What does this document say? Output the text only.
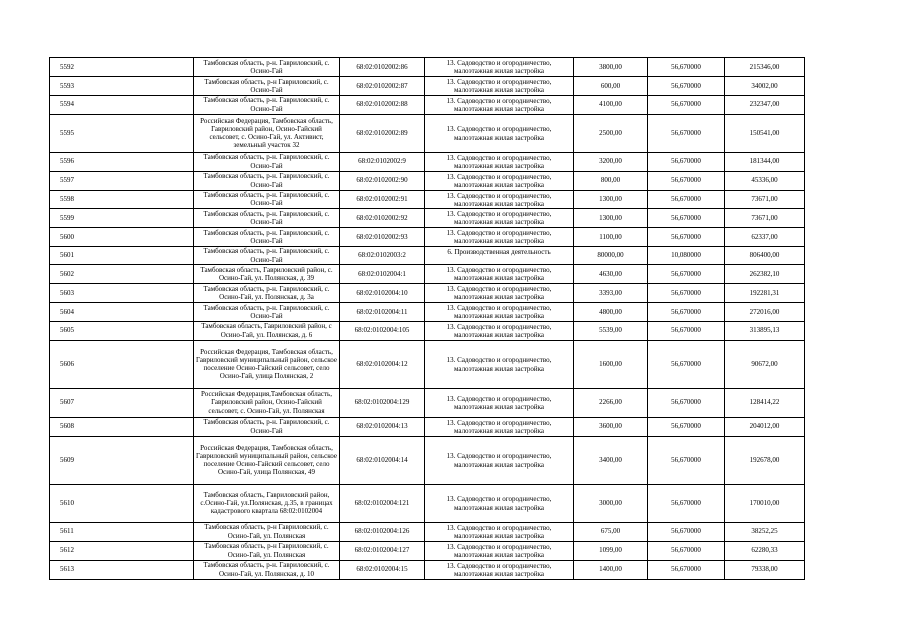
5592	Тамбовская область, р-н. Гавриловский, с. Осино-Гай	68:02:0102002:86	13. Садоводство и огородничество, малоэтажная жилая застройка	3800,00	56,670000	215346,00
5593	Тамбовская область, р-н Гавриловский, с. Осино-Гай	68:02:0102002:87	13. Садоводство и огородничество, малоэтажная жилая застройка	600,00	56,670000	34002,00
5594	Тамбовская область, р-н. Гавриловский, с. Осино-Гай	68:02:0102002:88	13. Садоводство и огородничество, малоэтажная жилая застройка	4100,00	56,670000	232347,00
5595	Российская Федерация, Тамбовская область, Гавриловский район, Осино-Гайский сельсовет, с. Осино-Гай, ул. Активист, земельный участок 32	68:02:0102002:89	13. Садоводство и огородничество, малоэтажная жилая застройка	2500,00	56,670000	150541,00
5596	Тамбовская область, р-н. Гавриловский, с. Осино-Гай	68:02:0102002:9	13. Садоводство и огородничество, малоэтажная жилая застройка	3200,00	56,670000	181344,00
5597	Тамбовская область, р-н. Гавриловский, с. Осино-Гай	68:02:0102002:90	13. Садоводство и огородничество, малоэтажная жилая застройка	800,00	56,670000	45336,00
5598	Тамбовская область, р-н. Гавриловский, с. Осино-Гай	68:02:0102002:91	13. Садоводство и огородничество, малоэтажная жилая застройка	1300,00	56,670000	73671,00
5599	Тамбовская область, р-н. Гавриловский, с. Осино-Гай	68:02:0102002:92	13. Садоводство и огородничество, малоэтажная жилая застройка	1300,00	56,670000	73671,00
5600	Тамбовская область, р-н. Гавриловский, с. Осино-Гай	68:02:0102002:93	13. Садоводство и огородничество, малоэтажная жилая застройка	1100,00	56,670000	62337,00
5601	Тамбовская область, р-н. Гавриловский, с. Осино-Гай	68:02:0102003:2	6. Производственная деятельность	80000,00	10,080000	806400,00
5602	Тамбовская область, Гавриловский район, с. Осино-Гай, ул. Полянская, д. 39	68:02:0102004:1	13. Садоводство и огородничество, малоэтажная жилая застройка	4630,00	56,670000	262382,10
5603	Тамбовская область, р-н. Гавриловский, с. Осино-Гай, ул. Полянская, д. 3а	68:02:0102004:10	13. Садоводство и огородничество, малоэтажная жилая застройка	3393,00	56,670000	192281,31
5604	Тамбовская область, р-н. Гавриловский, с. Осино-Гай	68:02:0102004:11	13. Садоводство и огородничество, малоэтажная жилая застройка	4800,00	56,670000	272016,00
5605	Тамбовская область, Гавриловский район, с Осино-Гай, ул. Полянская, д. 6	68:02:0102004:105	13. Садоводство и огородничество, малоэтажная жилая застройка	5539,00	56,670000	313895,13
5606	Российская Федерация, Тамбовская область, Гавриловский муниципальный район, сельское поселение Осино-Гайский сельсовет, село Осино-Гай, улица Полянская, 2	68:02:0102004:12	13. Садоводство и огородничество, малоэтажная жилая застройка	1600,00	56,670000	90672,00
5607	Российская Федерация,Тамбовская область, Гавриловский район, Осино-Гайский сельсовет, с. Осино-Гай, ул. Полянская	68:02:0102004:129	13. Садоводство и огородничество, малоэтажная жилая застройка	2266,00	56,670000	128414,22
5608	Тамбовская область, р-н. Гавриловский, с. Осино-Гай	68:02:0102004:13	13. Садоводство и огородничество, малоэтажная жилая застройка	3600,00	56,670000	204012,00
5609	Российская Федерация, Тамбовская область, Гавриловский муниципальный район, сельское поселение Осино-Гайский сельсовет, село Осино-Гай, улица Полянская, 49	68:02:0102004:14	13. Садоводство и огородничество, малоэтажная жилая застройка	3400,00	56,670000	192678,00
5610	Тамбовская область, Гавриловский район, с.Осино-Гай, ул.Полянская, д.35, в границах кадастрового квартала 68:02:0102004	68:02:0102004:121	13. Садоводство и огородничество, малоэтажная жилая застройка	3000,00	56,670000	170010,00
5611	Тамбовская область, р-н Гавриловский, с. Осино-Гай, ул. Полянская	68:02:0102004:126	13. Садоводство и огородничество, малоэтажная жилая застройка	675,00	56,670000	38252,25
5612	Тамбовская область, р-н Гавриловский, с. Осино-Гай, ул. Полянская	68:02:0102004:127	13. Садоводство и огородничество, малоэтажная жилая застройка	1099,00	56,670000	62280,33
5613	Тамбовская область, р-н. Гавриловский, с. Осино-Гай, ул. Полянская, д. 10	68:02:0102004:15	13. Садоводство и огородничество, малоэтажная жилая застройка	1400,00	56,670000	79338,00
